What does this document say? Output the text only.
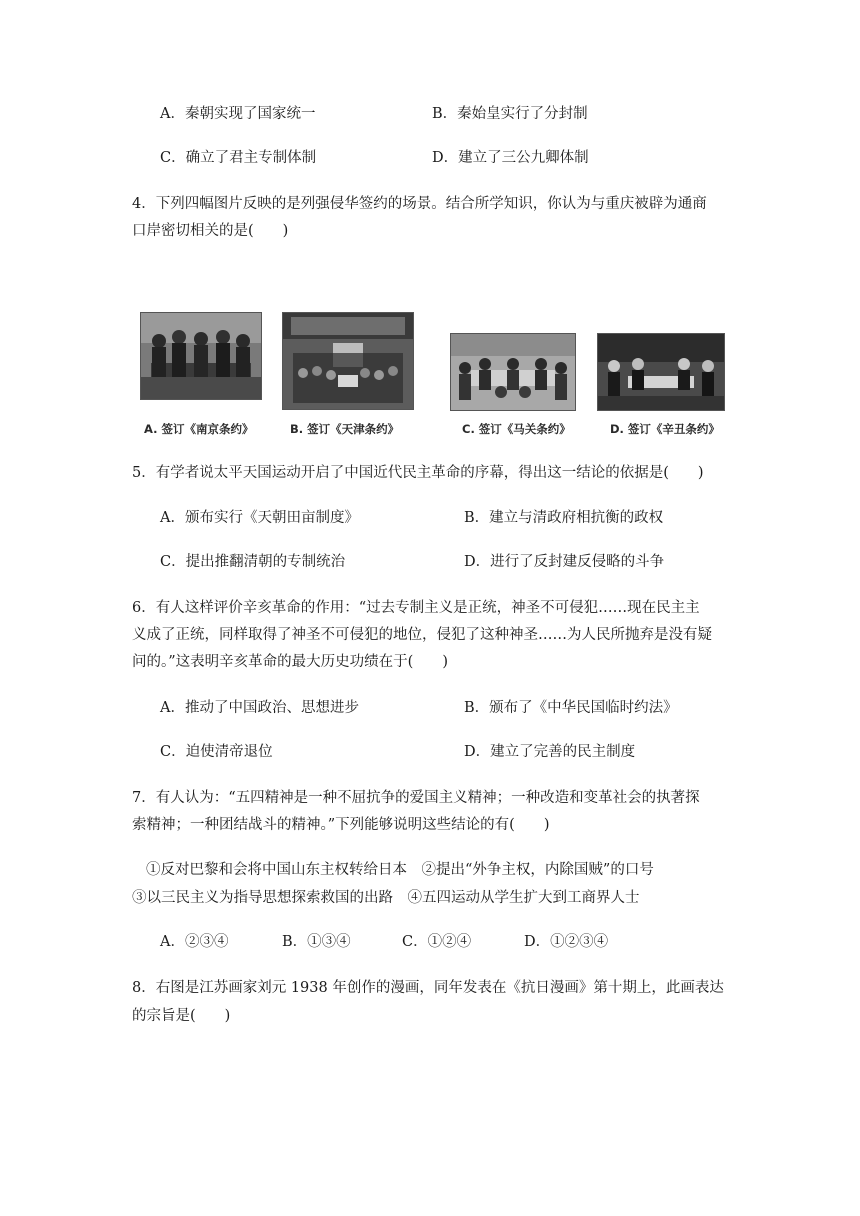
A．秦朝实现了国家统一	B．秦始皇实行了分封制
C．确立了君主专制体制	D．建立了三公九卿体制
4．下列四幅图片反映的是列强侵华签约的场景。结合所学知识，你认为与重庆被辟为通商
口岸密切相关的是(　　)
A. 签订《南京条约》	B. 签订《天津条约》	C. 签订《马关条约》	D. 签订《辛丑条约》
5．有学者说太平天国运动开启了中国近代民主革命的序幕，得出这一结论的依据是(　　)
A．颁布实行《天朝田亩制度》	B．建立与清政府相抗衡的政权
C．提出推翻清朝的专制统治	D．进行了反封建反侵略的斗争
6．有人这样评价辛亥革命的作用：“过去专制主义是正统，神圣不可侵犯……现在民主主
义成了正统，同样取得了神圣不可侵犯的地位，侵犯了这种神圣……为人民所抛弃是没有疑
问的。”这表明辛亥革命的最大历史功绩在于(　　)
A．推动了中国政治、思想进步	B．颁布了《中华民国临时约法》
C．迫使清帝退位	D．建立了完善的民主制度
7．有人认为：“五四精神是一种不屈抗争的爱国主义精神；一种改造和变革社会的执著探
索精神；一种团结战斗的精神。”下列能够说明这些结论的有(　　)
①反对巴黎和会将中国山东主权转给日本　②提出“外争主权，内除国贼”的口号
③以三民主义为指导思想探索救国的出路　④五四运动从学生扩大到工商界人士
A．②③④	B．①③④	C．①②④	D．①②③④
8．右图是江苏画家刘元 1938 年创作的漫画，同年发表在《抗日漫画》第十期上，此画表达
的宗旨是(　　)
